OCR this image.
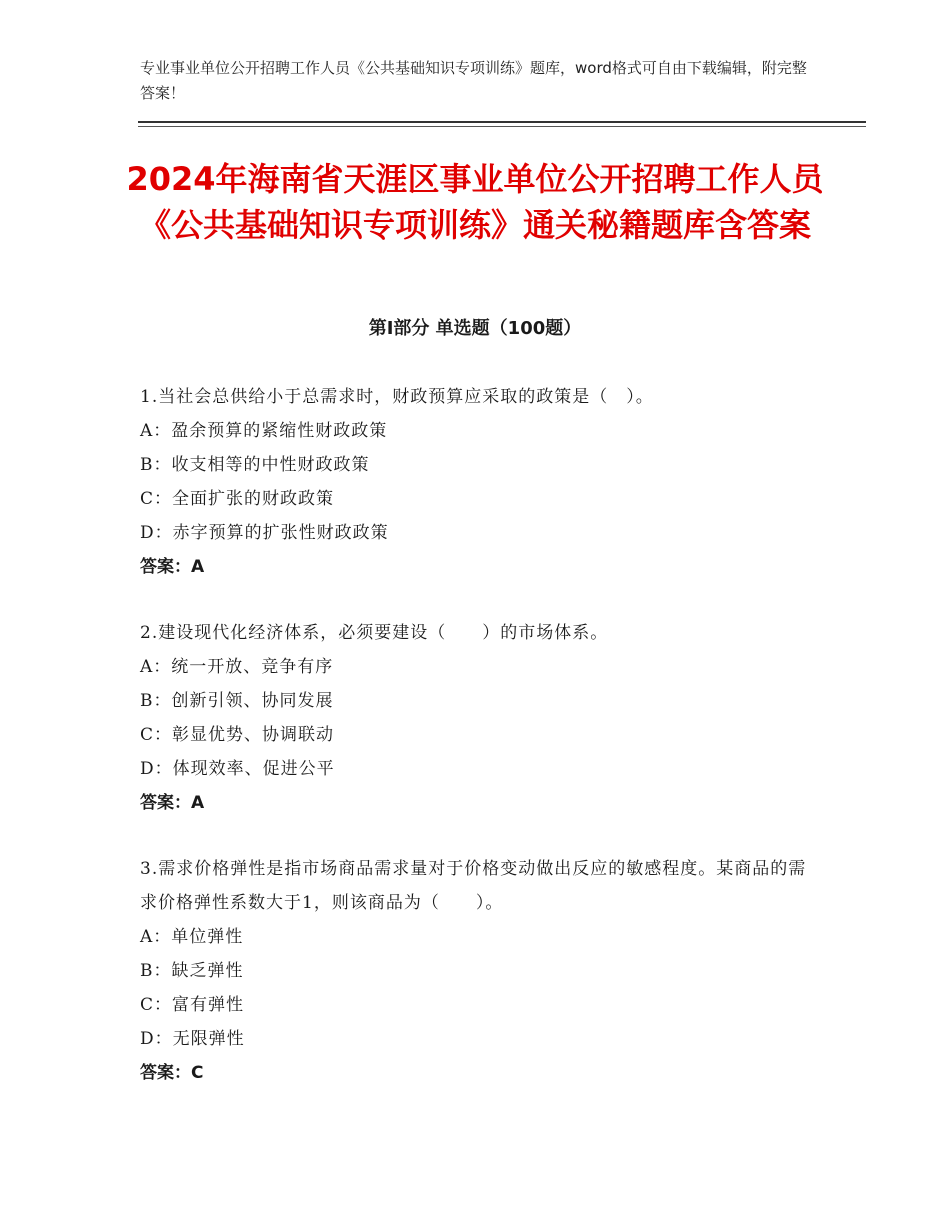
专业事业单位公开招聘工作人员《公共基础知识专项训练》题库，word格式可自由下载编辑，附完整答案！
2024年海南省天涯区事业单位公开招聘工作人员《公共基础知识专项训练》通关秘籍题库含答案
第Ⅰ部分 单选题（100题）
1.当社会总供给小于总需求时，财政预算应采取的政策是（　）。
A：盈余预算的紧缩性财政政策
B：收支相等的中性财政政策
C：全面扩张的财政政策
D：赤字预算的扩张性财政政策
答案：A
2.建设现代化经济体系，必须要建设（　　）的市场体系。
A：统一开放、竞争有序
B：创新引领、协同发展
C：彰显优势、协调联动
D：体现效率、促进公平
答案：A
3.需求价格弹性是指市场商品需求量对于价格变动做出反应的敏感程度。某商品的需求价格弹性系数大于1，则该商品为（　　）。
A：单位弹性
B：缺乏弹性
C：富有弹性
D：无限弹性
答案：C
